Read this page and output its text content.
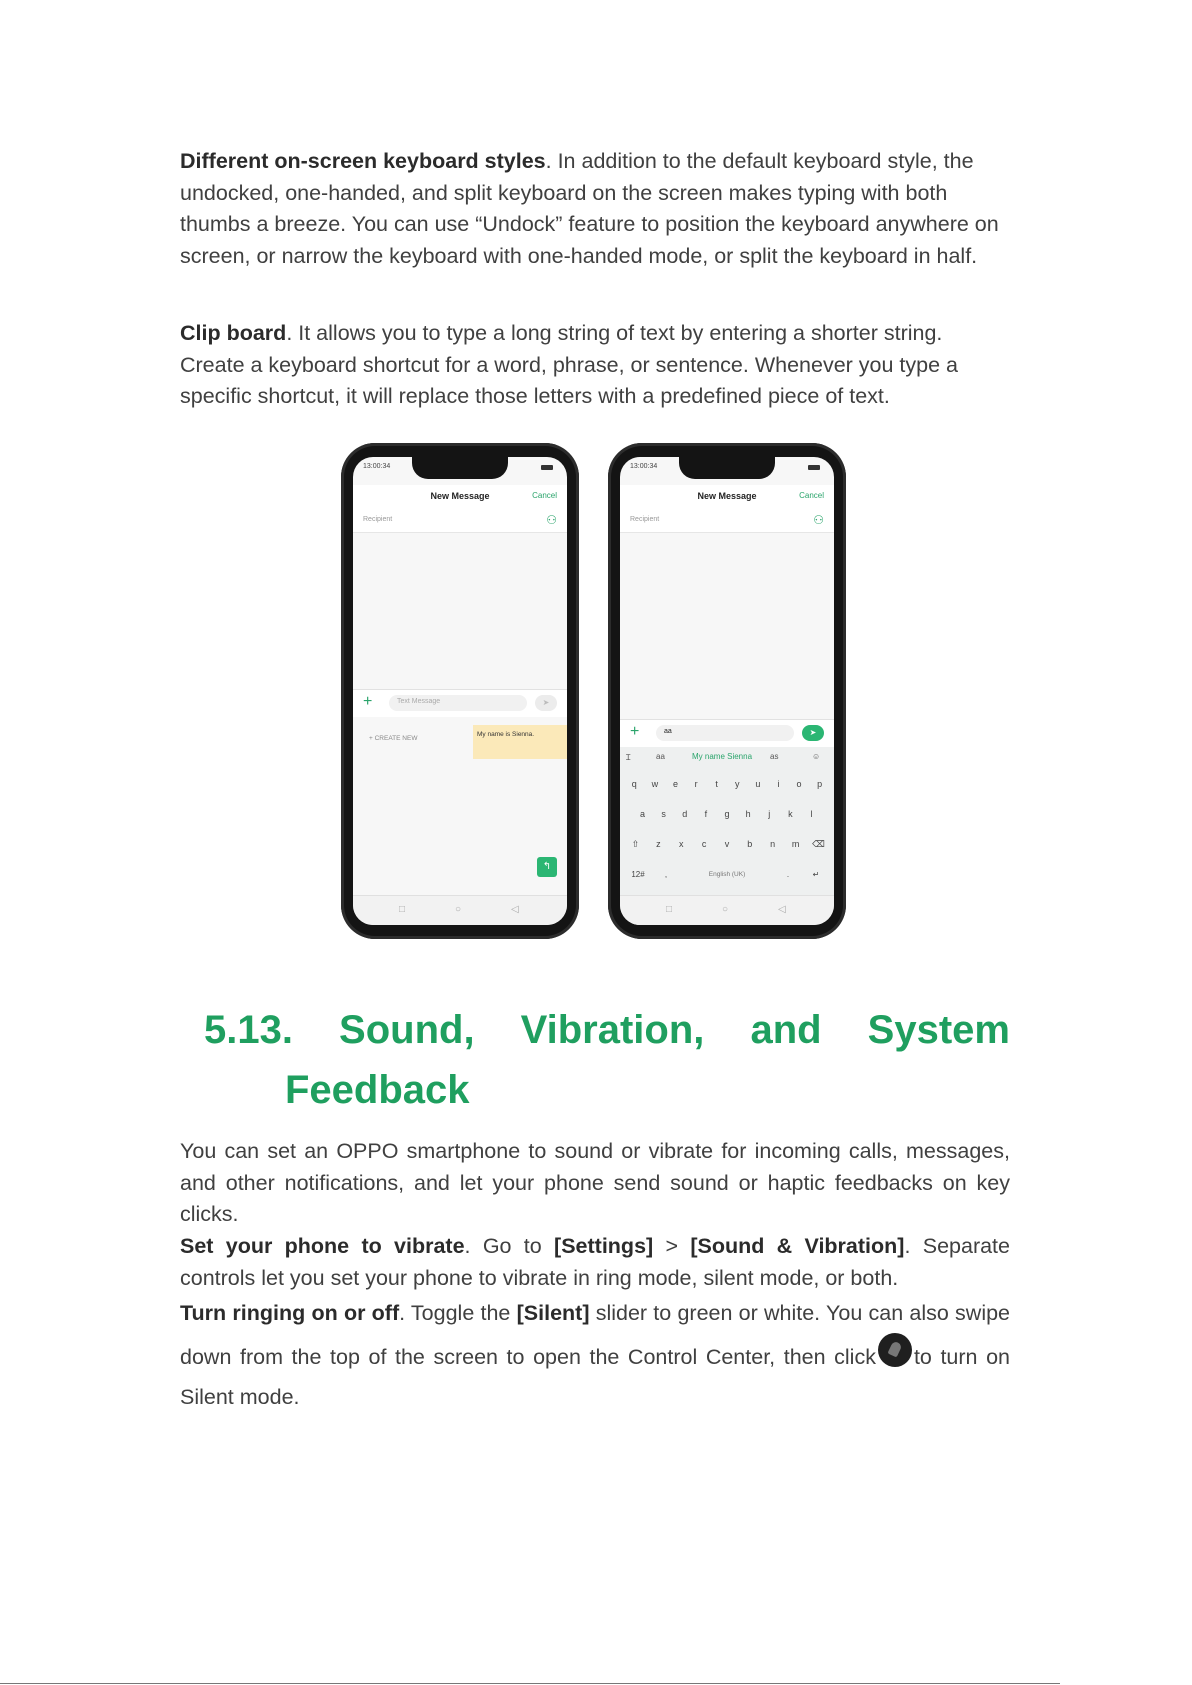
Different on-screen keyboard styles. In addition to the default keyboard style, the undocked, one-handed, and split keyboard on the screen makes typing with both thumbs a breeze. You can use “Undock” feature to position the keyboard anywhere on screen, or narrow the keyboard with one-handed mode, or split the keyboard in half.

Clip board. It allows you to type a long string of text by entering a shorter string. Create a keyboard shortcut for a word, phrase, or sentence. Whenever you type a specific shortcut, it will replace those letters with a predefined piece of text.

13:00:34
New Message	Cancel
Recipient	⚇
+	Text Message	➤
+ CREATE NEW
My name is Sienna.
↰
□	○	◁
13:00:34
New Message	Cancel
Recipient	⚇
+	aa	➤
Ɪ	aa	My name Sienna as	☺
q	w	e	r	t	y	u	i	o	p
a	s	d	f	g	h	j	k	l
⇧	z	x	c	v	b	n	m	⌫
12#	,	English (UK)	.	↵
□	○	◁
5.13. Sound, Vibration, and System
Feedback

You can set an OPPO smartphone to sound or vibrate for incoming calls, messages, and other notifications, and let your phone send sound or haptic feedbacks on key clicks.

Set your phone to vibrate. Go to [Settings] > [Sound & Vibration]. Separate controls let you set your phone to vibrate in ring mode, silent mode, or both.

Turn ringing on or off. Toggle the [Silent] slider to green or white. You can also swipe down from the top of the screen to open the Control Center, then click to turn on Silent mode.
